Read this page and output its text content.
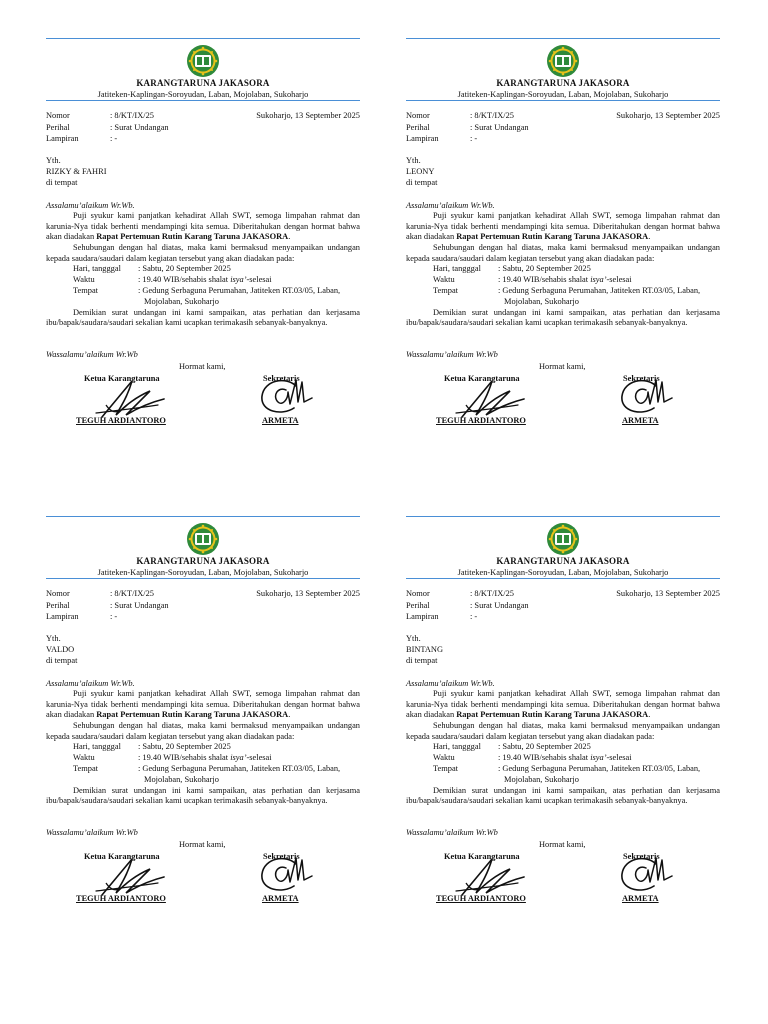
KARANGTARUNA JAKASORA
Jatiteken-Kaplingan-Soroyudan, Laban, Mojolaban, Sukoharjo
Nomor	: 8/KT/IX/25	Sukoharjo, 13 September 2025
Perihal	: Surat Undangan
Lampiran	: -
Yth.
RIZKY & FAHRI
di tempat
Assalamu’alaikum Wr.Wb.

Puji syukur kami panjatkan kehadirat Allah SWT, semoga limpahan rahmat dan karunia-Nya tidak berhenti mendampingi kita semua. Diberitahukan dengan hormat bahwa akan diadakan Rapat Pertemuan Rutin Karang Taruna JAKASORA.

Sehubungan dengan hal diatas, maka kami bermaksud menyampaikan undangan kepada saudara/saudari dalam kegiatan tersebut yang akan diadakan pada:

Hari, tangggal : Sabtu, 20 September 2025
Waktu	: 19.40 WIB/sehabis shalat isya’-selesai
Tempat	: Gedung Serbaguna Perumahan, Jatiteken RT.03/05, Laban,
Mojolaban, Sukoharjo

Demikian surat undangan ini kami sampaikan, atas perhatian dan kerjasama ibu/bapak/saudara/saudari sekalian kami ucapkan terimakasih sebanyak-banyaknya.

Wassalamu’alaikum Wr.Wb
Hormat kami,
Ketua Karangtaruna	Sekretaris
TEGUH ARDIANTORO	ARMETA
KARANGTARUNA JAKASORA
Jatiteken-Kaplingan-Soroyudan, Laban, Mojolaban, Sukoharjo
Nomor	: 8/KT/IX/25	Sukoharjo, 13 September 2025
Perihal	: Surat Undangan
Lampiran	: -
Yth.
LEONY
di tempat
Assalamu’alaikum Wr.Wb.

Puji syukur kami panjatkan kehadirat Allah SWT, semoga limpahan rahmat dan karunia-Nya tidak berhenti mendampingi kita semua. Diberitahukan dengan hormat bahwa akan diadakan Rapat Pertemuan Rutin Karang Taruna JAKASORA.

Sehubungan dengan hal diatas, maka kami bermaksud menyampaikan undangan kepada saudara/saudari dalam kegiatan tersebut yang akan diadakan pada:

Hari, tangggal : Sabtu, 20 September 2025
Waktu	: 19.40 WIB/sehabis shalat isya’-selesai
Tempat	: Gedung Serbaguna Perumahan, Jatiteken RT.03/05, Laban,
Mojolaban, Sukoharjo

Demikian surat undangan ini kami sampaikan, atas perhatian dan kerjasama ibu/bapak/saudara/saudari sekalian kami ucapkan terimakasih sebanyak-banyaknya.

Wassalamu’alaikum Wr.Wb
Hormat kami,
Ketua Karangtaruna	Sekretaris
TEGUH ARDIANTORO	ARMETA
KARANGTARUNA JAKASORA
Jatiteken-Kaplingan-Soroyudan, Laban, Mojolaban, Sukoharjo
Nomor	: 8/KT/IX/25	Sukoharjo, 13 September 2025
Perihal	: Surat Undangan
Lampiran	: -
Yth.
VALDO
di tempat
Assalamu’alaikum Wr.Wb.

Puji syukur kami panjatkan kehadirat Allah SWT, semoga limpahan rahmat dan karunia-Nya tidak berhenti mendampingi kita semua. Diberitahukan dengan hormat bahwa akan diadakan Rapat Pertemuan Rutin Karang Taruna JAKASORA.

Sehubungan dengan hal diatas, maka kami bermaksud menyampaikan undangan kepada saudara/saudari dalam kegiatan tersebut yang akan diadakan pada:

Hari, tangggal : Sabtu, 20 September 2025
Waktu	: 19.40 WIB/sehabis shalat isya’-selesai
Tempat	: Gedung Serbaguna Perumahan, Jatiteken RT.03/05, Laban,
Mojolaban, Sukoharjo

Demikian surat undangan ini kami sampaikan, atas perhatian dan kerjasama ibu/bapak/saudara/saudari sekalian kami ucapkan terimakasih sebanyak-banyaknya.

Wassalamu’alaikum Wr.Wb
Hormat kami,
Ketua Karangtaruna	Sekretaris
TEGUH ARDIANTORO	ARMETA
KARANGTARUNA JAKASORA
Jatiteken-Kaplingan-Soroyudan, Laban, Mojolaban, Sukoharjo
Nomor	: 8/KT/IX/25	Sukoharjo, 13 September 2025
Perihal	: Surat Undangan
Lampiran	: -
Yth.
BINTANG
di tempat
Assalamu’alaikum Wr.Wb.

Puji syukur kami panjatkan kehadirat Allah SWT, semoga limpahan rahmat dan karunia-Nya tidak berhenti mendampingi kita semua. Diberitahukan dengan hormat bahwa akan diadakan Rapat Pertemuan Rutin Karang Taruna JAKASORA.

Sehubungan dengan hal diatas, maka kami bermaksud menyampaikan undangan kepada saudara/saudari dalam kegiatan tersebut yang akan diadakan pada:

Hari, tangggal : Sabtu, 20 September 2025
Waktu	: 19.40 WIB/sehabis shalat isya’-selesai
Tempat	: Gedung Serbaguna Perumahan, Jatiteken RT.03/05, Laban,
Mojolaban, Sukoharjo

Demikian surat undangan ini kami sampaikan, atas perhatian dan kerjasama ibu/bapak/saudara/saudari sekalian kami ucapkan terimakasih sebanyak-banyaknya.

Wassalamu’alaikum Wr.Wb
Hormat kami,
Ketua Karangtaruna	Sekretaris
TEGUH ARDIANTORO	ARMETA
